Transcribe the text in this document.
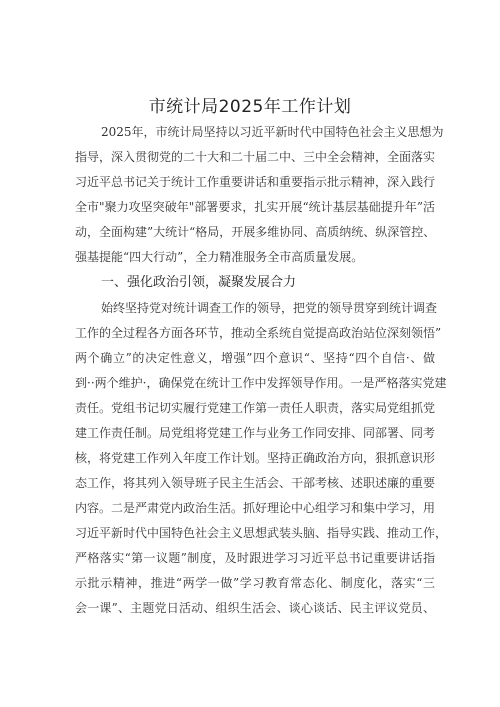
市统计局2025年工作计划
2025年，市统计局坚持以习近平新时代中国特色社会主义思想为
指导，深入贯彻党的二十大和二十届二中、三中全会精神，全面落实
习近平总书记关于统计工作重要讲话和重要指示批示精神，深入践行
全市"聚力攻坚突破年"部署要求，扎实开展“统计基层基础提升年”活
动，全面构建”大统计“格局，开展多维协同、高质纳统、纵深管控、
强基提能“四大行动”，全力精准服务全市高质量发展。
一、强化政治引领，凝聚发展合力
始终坚持党对统计调查工作的领导，把党的领导贯穿到统计调查
工作的全过程各方面各环节，推动全系统自觉提高政治站位深刻领悟”
两个确立”的决定性意义，增强”四个意识“、坚持“四个自信·、做
到··两个维护·，确保党在统计工作中发挥领导作用。一是严格落实党建
责任。党组书记切实履行党建工作第一责任人职责，落实局党组抓党
建工作责任制。局党组将党建工作与业务工作同安排、同部署、同考
核，将党建工作列入年度工作计划。坚持正确政治方向，狠抓意识形
态工作，将其列入领导班子民主生活会、干部考核、述职述廉的重要
内容。二是严肃党内政治生活。抓好理论中心组学习和集中学习，用
习近平新时代中国特色社会主义思想武装头脑、指导实践、推动工作，
严格落实“第一议题”制度，及时跟进学习习近平总书记重要讲话指
示批示精神，推进“两学一做”学习教育常态化、制度化，落实“三
会一课”、主题党日活动、组织生活会、谈心谈话、民主评议党员、
